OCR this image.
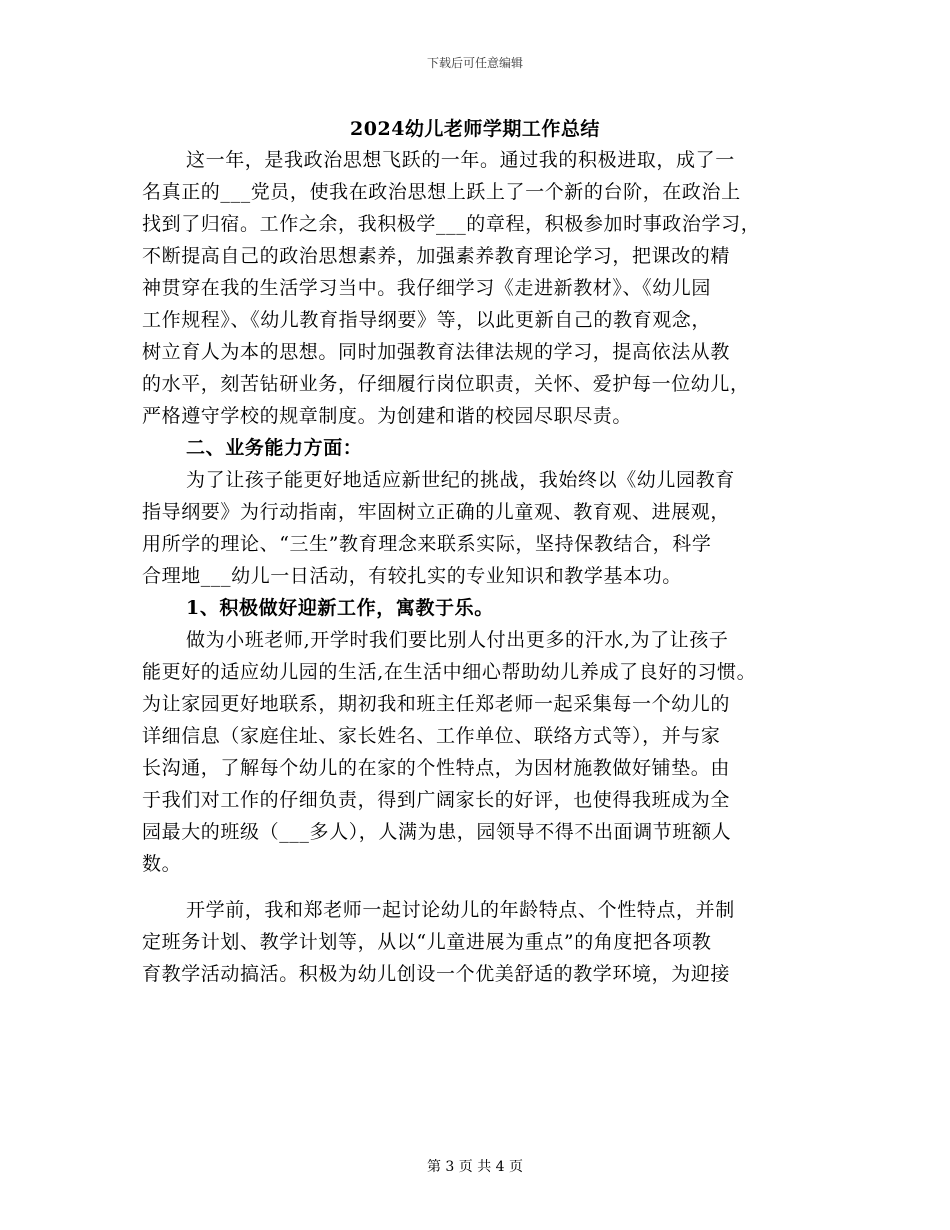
下载后可任意编辑
2024幼儿老师学期工作总结
这一年，是我政治思想飞跃的一年。通过我的积极进取，成了一
名真正的___党员，使我在政治思想上跃上了一个新的台阶，在政治上
找到了归宿。工作之余，我积极学___的章程，积极参加时事政治学习，
不断提高自己的政治思想素养，加强素养教育理论学习，把课改的精
神贯穿在我的生活学习当中。我仔细学习《走进新教材》、《幼儿园
工作规程》、《幼儿教育指导纲要》等，以此更新自己的教育观念，
树立育人为本的思想。同时加强教育法律法规的学习，提高依法从教
的水平，刻苦钻研业务，仔细履行岗位职责，关怀、爱护每一位幼儿，
严格遵守学校的规章制度。为创建和谐的校园尽职尽责。
二、业务能力方面：
为了让孩子能更好地适应新世纪的挑战，我始终以《幼儿园教育
指导纲要》为行动指南，牢固树立正确的儿童观、教育观、进展观，
用所学的理论、“三生”教育理念来联系实际，坚持保教结合，科学
合理地___幼儿一日活动，有较扎实的专业知识和教学基本功。
1、积极做好迎新工作，寓教于乐。
做为小班老师,开学时我们要比别人付出更多的汗水,为了让孩子
能更好的适应幼儿园的生活,在生活中细心帮助幼儿养成了良好的习惯。
为让家园更好地联系，期初我和班主任郑老师一起采集每一个幼儿的
详细信息（家庭住址、家长姓名、工作单位、联络方式等），并与家
长沟通，了解每个幼儿的在家的个性特点，为因材施教做好铺垫。由
于我们对工作的仔细负责，得到广阔家长的好评，也使得我班成为全
园最大的班级（___多人），人满为患，园领导不得不出面调节班额人
数。
开学前，我和郑老师一起讨论幼儿的年龄特点、个性特点，并制
定班务计划、教学计划等，从以“儿童进展为重点”的角度把各项教
育教学活动搞活。积极为幼儿创设一个优美舒适的教学环境，为迎接
第 3 页 共 4 页
